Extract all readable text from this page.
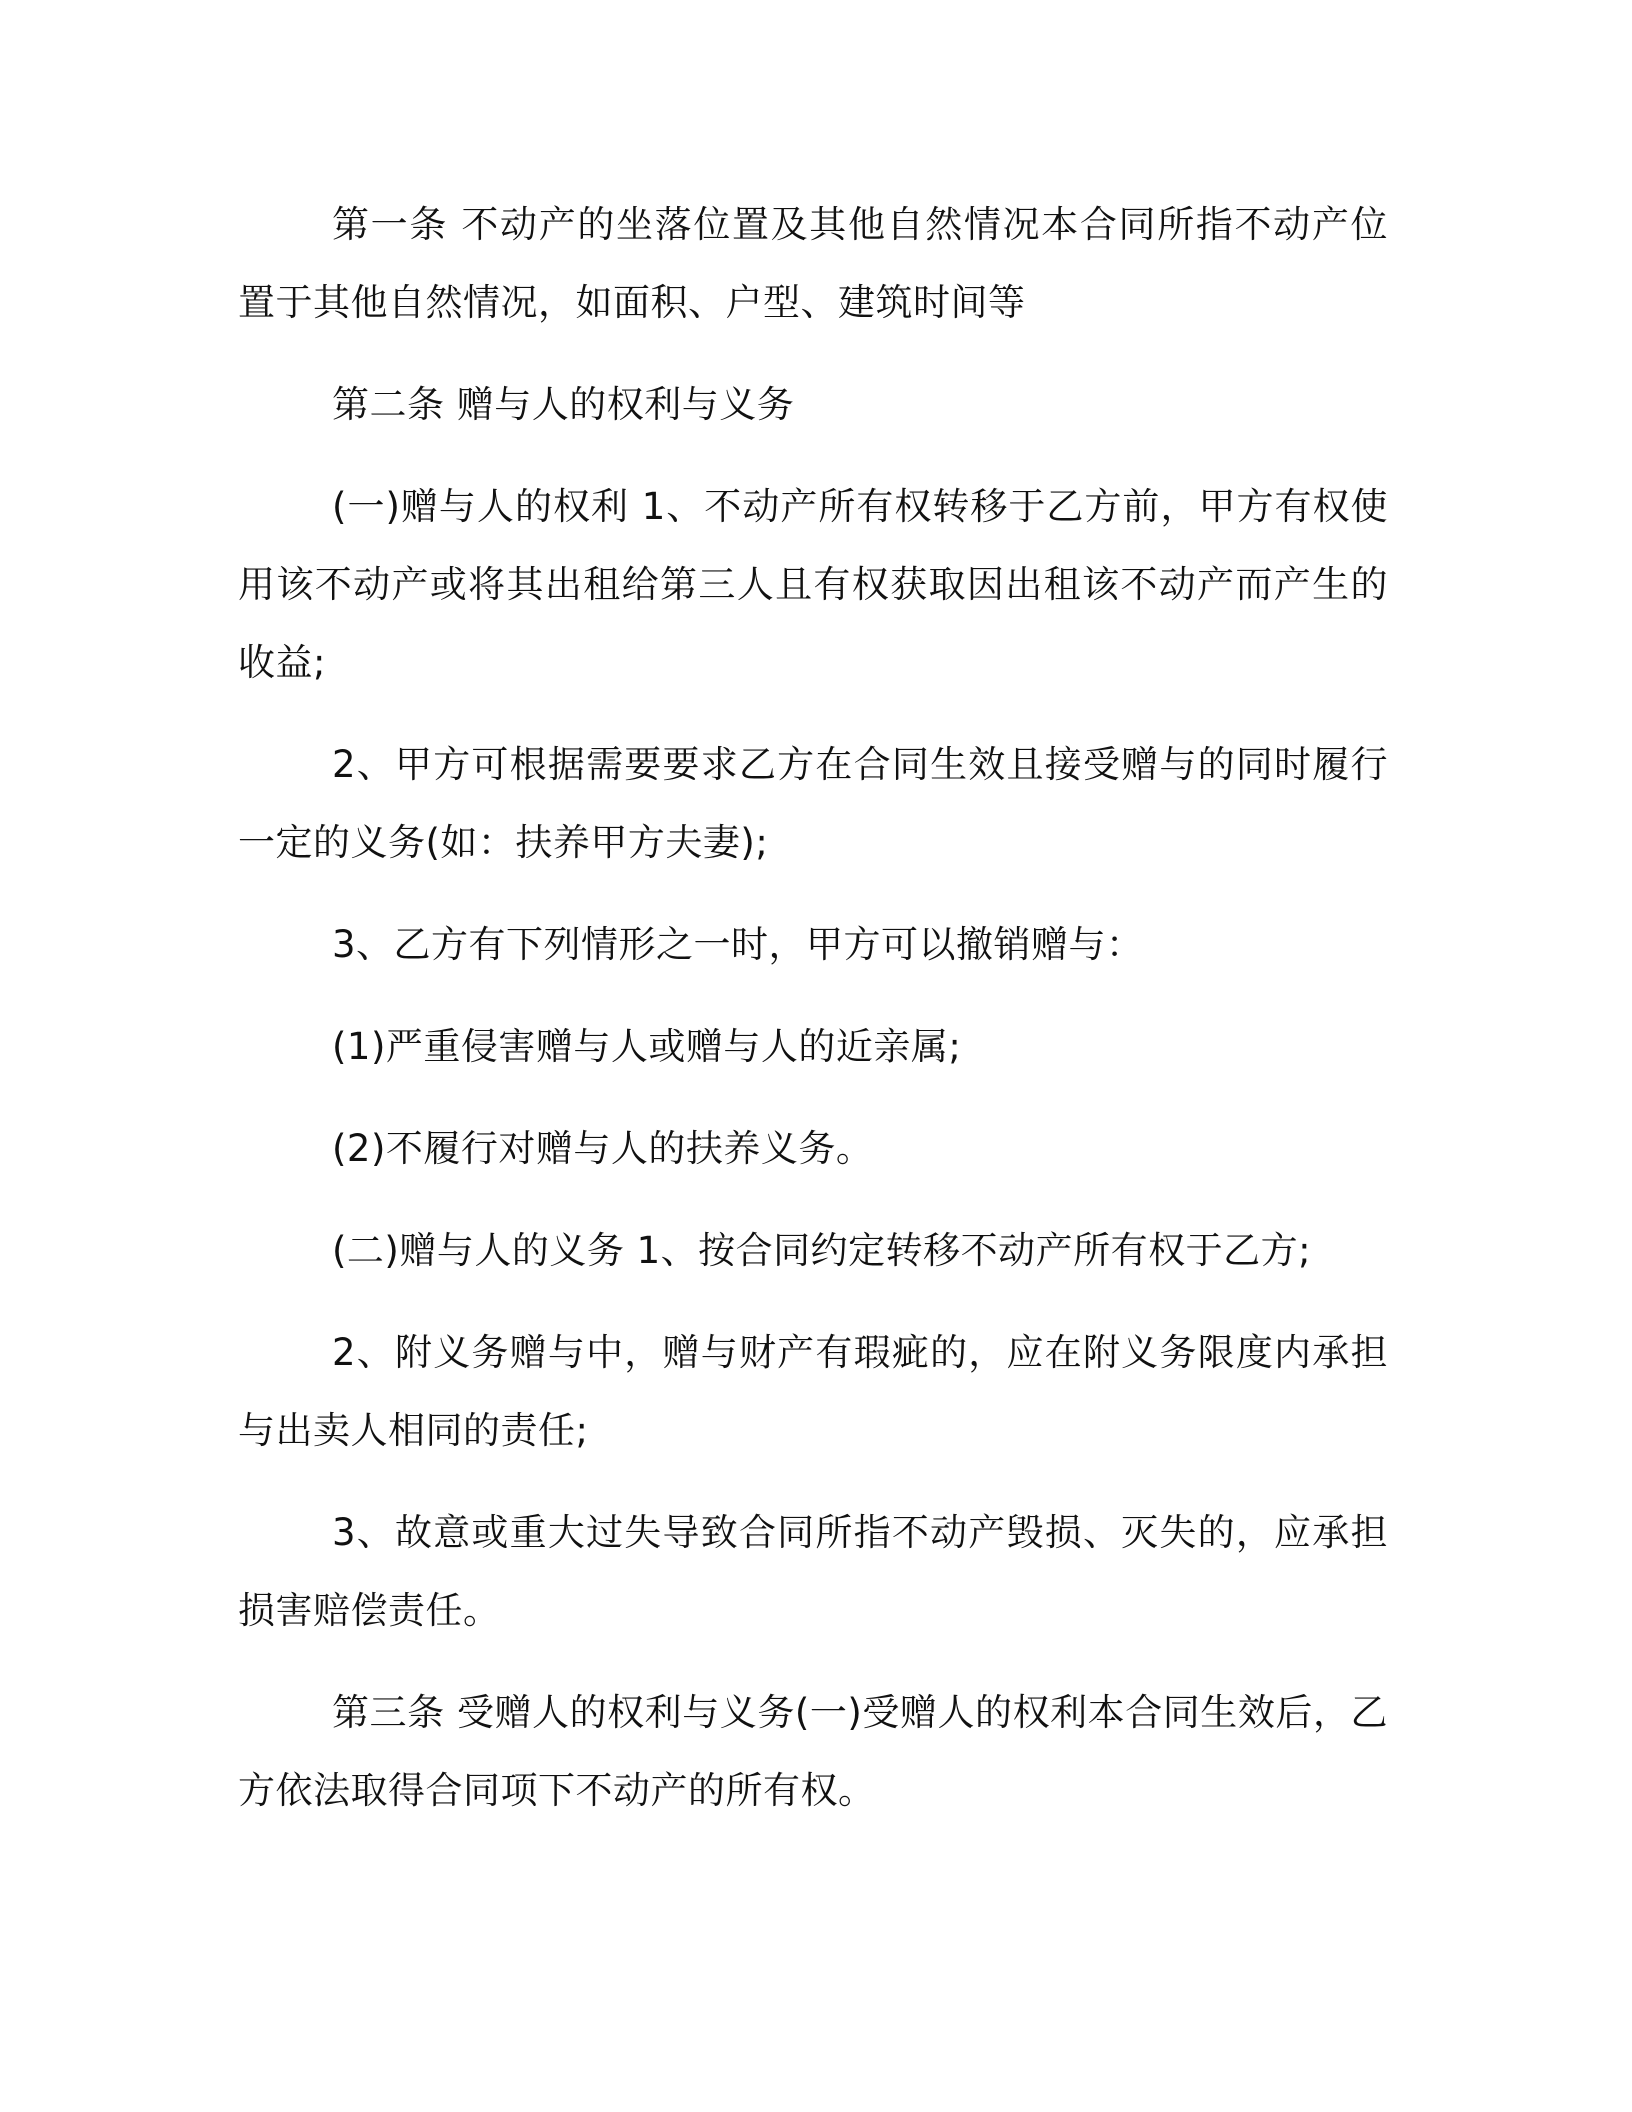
第一条 不动产的坐落位置及其他自然情况本合同所指不动产位置于其他自然情况，如面积、户型、建筑时间等

第二条 赠与人的权利与义务

(一)赠与人的权利 1、不动产所有权转移于乙方前，甲方有权使用该不动产或将其出租给第三人且有权获取因出租该不动产而产生的收益;

2、甲方可根据需要要求乙方在合同生效且接受赠与的同时履行一定的义务(如：扶养甲方夫妻);

3、乙方有下列情形之一时，甲方可以撤销赠与：

(1)严重侵害赠与人或赠与人的近亲属;

(2)不履行对赠与人的扶养义务。

(二)赠与人的义务 1、按合同约定转移不动产所有权于乙方;

2、附义务赠与中，赠与财产有瑕疵的，应在附义务限度内承担与出卖人相同的责任;

3、故意或重大过失导致合同所指不动产毁损、灭失的，应承担损害赔偿责任。

第三条 受赠人的权利与义务(一)受赠人的权利本合同生效后，乙方依法取得合同项下不动产的所有权。
